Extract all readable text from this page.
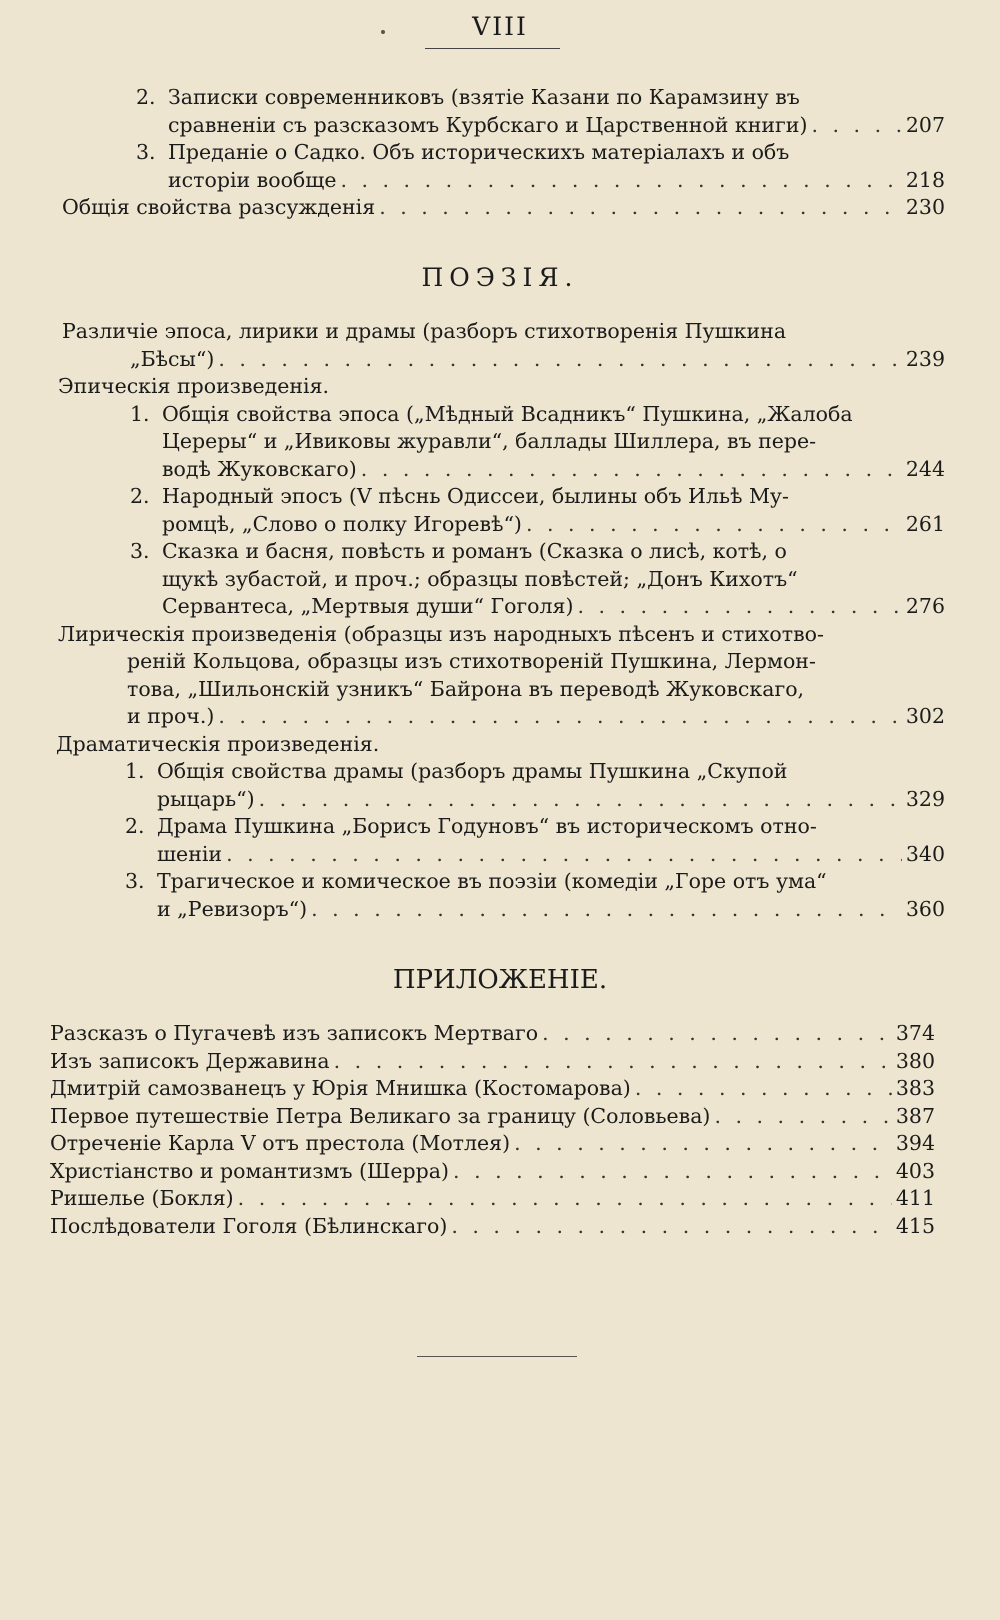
VIII
2. Записки современниковъ (взятіе Казани по Карамзину въ
сравненіи съ разсказомъ Курбскаго и Царственной книги) . . .	207
3. Преданіе о Садко. Объ историческихъ матеріалахъ и объ
исторіи вообще . . .	218
Общія свойства разсужденія . . .	230
ПОЭЗІЯ.
Различіе эпоса, лирики и драмы (разборъ стихотворенія Пушкина
„Бѣсы“) . . .	239
Эпическія произведенія.
1. Общія свойства эпоса („Мѣдный Всадникъ“ Пушкина, „Жалоба
Цереры“ и „Ивиковы журавли“, баллады Шиллера, въ пере-
водѣ Жуковскаго) . . .	244
2. Народный эпосъ (V пѣснь Одиссеи, былины объ Ильѣ Му-
ромцѣ, „Слово о полку Игоревѣ“) . . .	261
3. Сказка и басня, повѣсть и романъ (Сказка о лисѣ, котѣ, о
щукѣ зубастой, и проч.; образцы повѣстей; „Донъ Кихотъ“
Сервантеса, „Мертвыя души“ Гоголя) . . .	276
Лирическія произведенія (образцы изъ народныхъ пѣсенъ и стихотво-
реній Кольцова, образцы изъ стихотвореній Пушкина, Лермон-
това, „Шильонскій узникъ“ Байрона въ переводѣ Жуковскаго,
и проч.) . . .	302
Драматическія произведенія.
1. Общія свойства драмы (разборъ драмы Пушкина „Скупой
рыцарь“) . . .	329
2. Драма Пушкина „Борисъ Годуновъ“ въ историческомъ отно-
шеніи . . .	340
3. Трагическое и комическое въ поэзіи (комедіи „Горе отъ ума“
и „Ревизоръ“) . . .	360
ПРИЛОЖЕНІЕ.
Разсказъ о Пугачевѣ изъ записокъ Мертваго . . .	374
Изъ записокъ Державина . . .	380
Дмитрій самозванецъ у Юрія Мнишка (Костомарова) . . .	383
Первое путешествіе Петра Великаго за границу (Соловьева) . . .	387
Отреченіе Карла V отъ престола (Мотлея) . . .	394
Христіанство и романтизмъ (Шерра) . . .	403
Ришелье (Бокля) . . .	411
Послѣдователи Гоголя (Бѣлинскаго) . . .	415
